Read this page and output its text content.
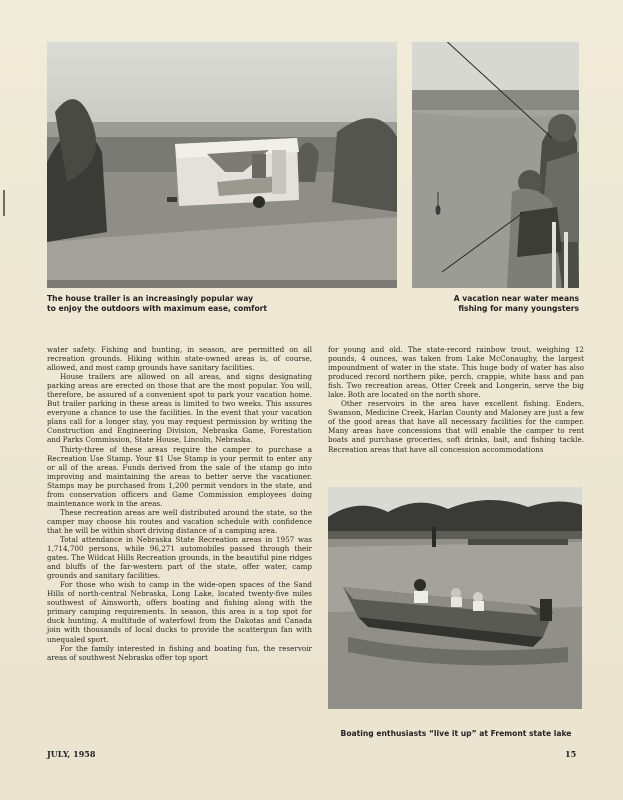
The house trailer is an increasingly popular way
to enjoy the outdoors with maximum ease, comfort
A vacation near water means
fishing for many youngsters

water safety. Fishing and hunting, in season, are permitted on all recreation grounds. Hiking within state-owned areas is, of course, allowed, and most camp grounds have sanitary facilities.

House trailers are allowed on all areas, and signs designating parking areas are erected on those that are the most popular. You will, therefore, be assured of a convenient spot to park your vacation home. But trailer parking in these areas is limited to two weeks. This assures everyone a chance to use the facilities. In the event that your vacation plans call for a longer stay, you may request permission by writing the Construction and Engineering Division, Nebraska Game, Forestation and Parks Commission, State House, Lincoln, Nebraska.

Thirty-three of these areas require the camper to purchase a Recreation Use Stamp. Your $1 Use Stamp is your permit to enter any or all of the areas. Funds derived from the sale of the stamp go into improving and maintaining the areas to better serve the vacationer. Stamps may be purchased from 1,200 permit vendors in the state, and from conservation officers and Game Commission employees doing maintenance work in the areas.

These recreation areas are well distributed around the state, so the camper may choose his routes and vacation schedule with confidence that he will be within short driving distance of a camping area.

Total attendance in Nebraska State Recreation areas in 1957 was 1,714,700 persons, while 96,271 automobiles passed through their gates. The Wildcat Hills Recreation grounds, in the beautiful pine ridges and bluffs of the far-western part of the state, offer water, camp grounds and sanitary facilities.

For those who wish to camp in the wide-open spaces of the Sand Hills of north-central Nebraska, Long Lake, located twenty-five miles southwest of Ainsworth, offers boating and fishing along with the primary camping requirements. In season, this area is a top spot for duck hunting. A multitude of waterfowl from the Dakotas and Canada join with thousands of local ducks to provide the scattergun fan with unequaled sport.

For the family interested in fishing and boating fun, the reservoir areas of southwest Nebraska offer top sport

for young and old. The state-record rainbow trout, weighing 12 pounds, 4 ounces, was taken from Lake McConaughy, the largest impoundment of water in the state. This huge body of water has also produced record northern pike, perch, crappie, white bass and pan fish. Two recreation areas, Otter Creek and Longerin, serve the big lake. Both are located on the north shore.

Other reservoirs in the area have excellent fishing. Enders, Swanson, Medicine Creek, Harlan County and Maloney are just a few of the good areas that have all necessary facilities for the camper. Many areas have concessions that will enable the camper to rent boats and purchase groceries, soft drinks, bait, and fishing tackle. Recreation areas that have all concession accommodations

Boating enthusiasts “live it up” at Fremont state lake
JULY, 1958	15
